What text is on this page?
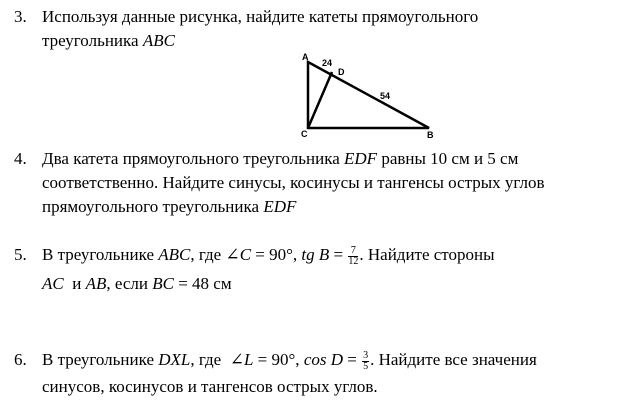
3. Используя данные рисунка, найдите катеты прямоугольного
треугольника ABC
A
D
C	B
24
54
4. Два катета прямоугольного треугольника EDF равны 10 см и 5 см
соответственно. Найдите синусы, косинусы и тангенсы острых углов
прямоугольного треугольника EDF
5. В треугольнике ABC, где ∠C = 90°, tg $B = \frac{7}{12}$ . Найдите стороны
AC  и AB, если BC = 48 см
6. В треугольнике DXL, где  ∠L = 90°, $\cos D = \frac{3}{5}$ . Найдите все значения
синусов, косинусов и тангенсов острых углов.
